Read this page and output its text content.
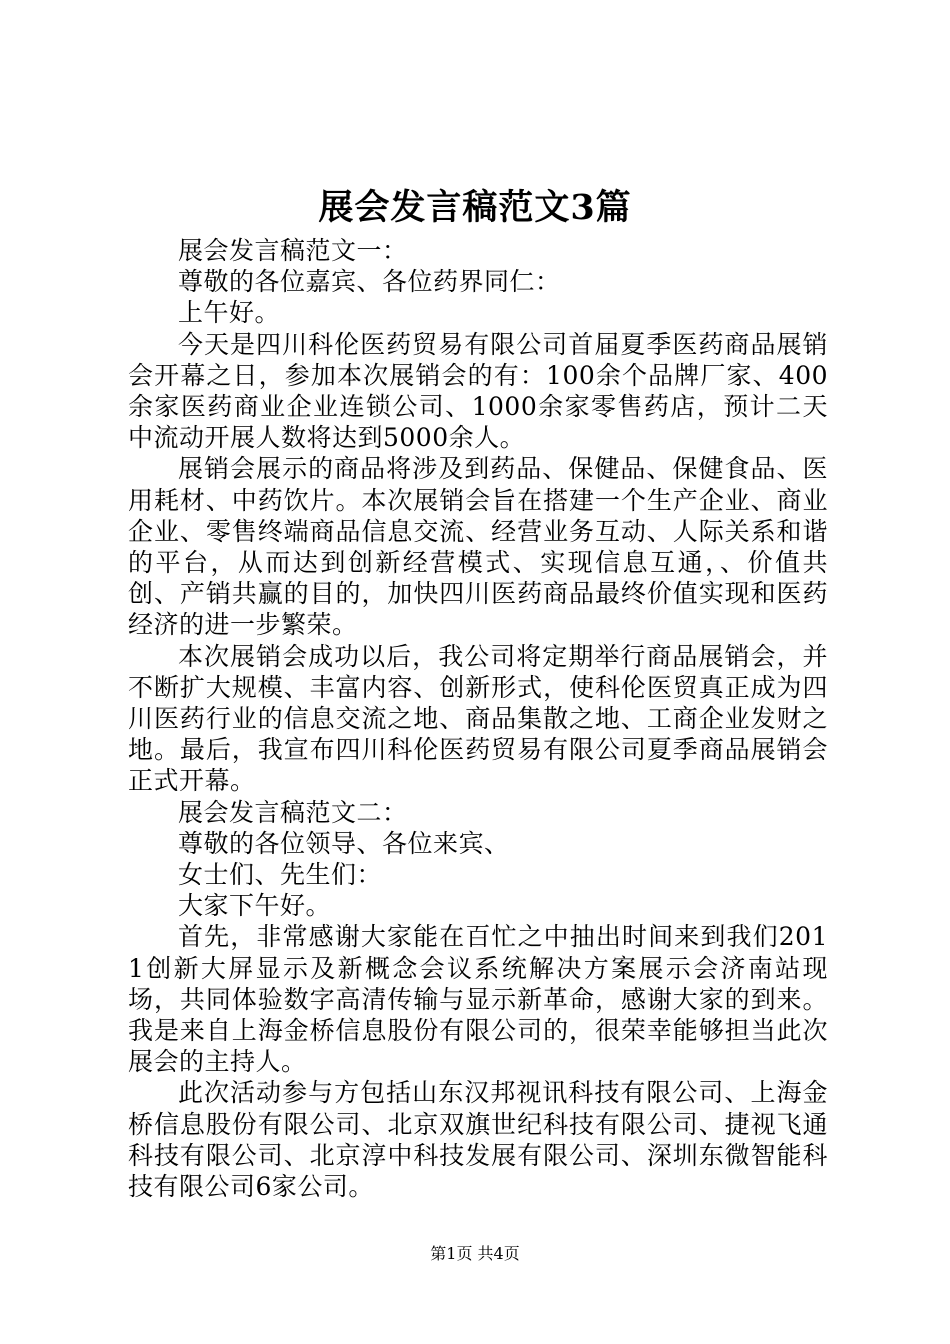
展会发言稿范文3篇

展会发言稿范文一：

尊敬的各位嘉宾、各位药界同仁：

上午好。

今天是四川科伦医药贸易有限公司首届夏季医药商品展销会开幕之日，参加本次展销会的有：100余个品牌厂家、400余家医药商业企业连锁公司、1000余家零售药店，预计二天中流动开展人数将达到5000余人。

展销会展示的商品将涉及到药品、保健品、保健食品、医用耗材、中药饮片。本次展销会旨在搭建一个生产企业、商业企业、零售终端商品信息交流、经营业务互动、人际关系和谐的平台，从而达到创新经营模式、实现信息互通，、价值共创、产销共赢的目的，加快四川医药商品最终价值实现和医药经济的进一步繁荣。

本次展销会成功以后，我公司将定期举行商品展销会，并不断扩大规模、丰富内容、创新形式，使科伦医贸真正成为四川医药行业的信息交流之地、商品集散之地、工商企业发财之地。最后，我宣布四川科伦医药贸易有限公司夏季商品展销会正式开幕。

展会发言稿范文二：

尊敬的各位领导、各位来宾、

女士们、先生们：

大家下午好。

首先，非常感谢大家能在百忙之中抽出时间来到我们2011创新大屏显示及新概念会议系统解决方案展示会济南站现场，共同体验数字高清传输与显示新革命，感谢大家的到来。我是来自上海金桥信息股份有限公司的，很荣幸能够担当此次展会的主持人。

此次活动参与方包括山东汉邦视讯科技有限公司、上海金桥信息股份有限公司、北京双旗世纪科技有限公司、捷视飞通科技有限公司、北京淳中科技发展有限公司、深圳东微智能科技有限公司6家公司。

第1页 共4页
